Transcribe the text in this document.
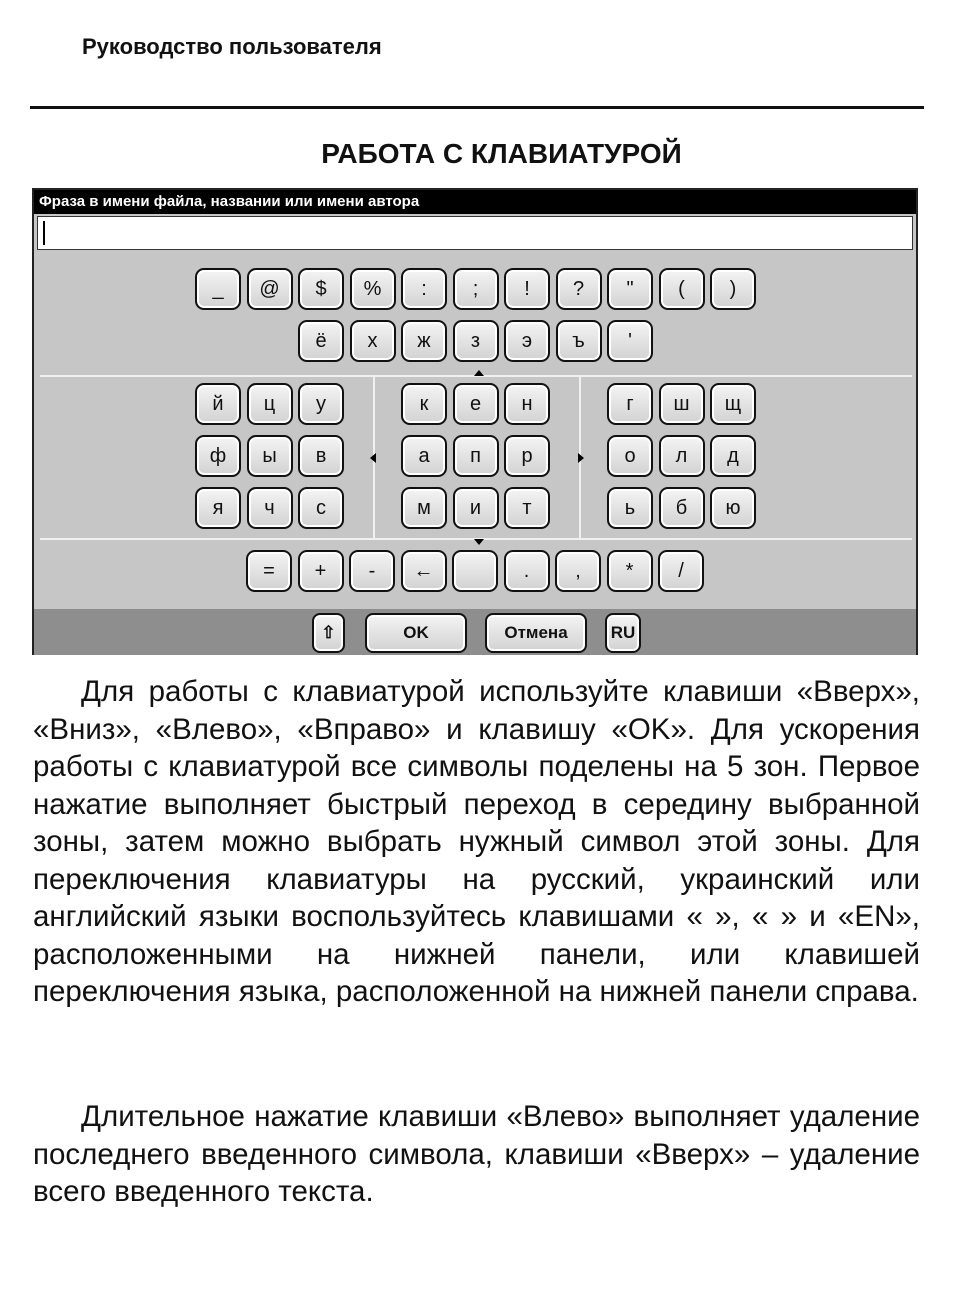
Руководство пользователя
РАБОТА С КЛАВИАТУРОЙ
Фраза в имени файла, названии или имени автора
_	@	$	%	:	;	!	?	"	(	)
ё	х	ж	з	э	ъ	'
й	ц	у
ф	ы	в
я	ч	с
к	е	н
а	п	р
м	и	т
г	ш	щ
о	л	д
ь	б	ю
=	+	-	←	.	,	*	/
⇧	OK	Отмена	RU
Для работы с клавиатурой используйте клавиши «Вверх», «Вниз», «Влево», «Вправо» и клавишу «OK». Для ускорения работы с клавиатурой все символы поделены на 5 зон. Первое нажатие выполняет быстрый переход в середину выбранной зоны, затем можно выбрать нужный символ этой зоны. Для переключения клавиатуры на русский, украинский или английский языки воспользуйтесь клавишами « », « » и «EN», расположенными на нижней панели, или клавишей переключения языка, расположенной на нижней панели справа.
Длительное нажатие клавиши «Влево» выполняет удаление последнего введенного символа, клавиши «Вверх» – удаление всего введенного текста.
